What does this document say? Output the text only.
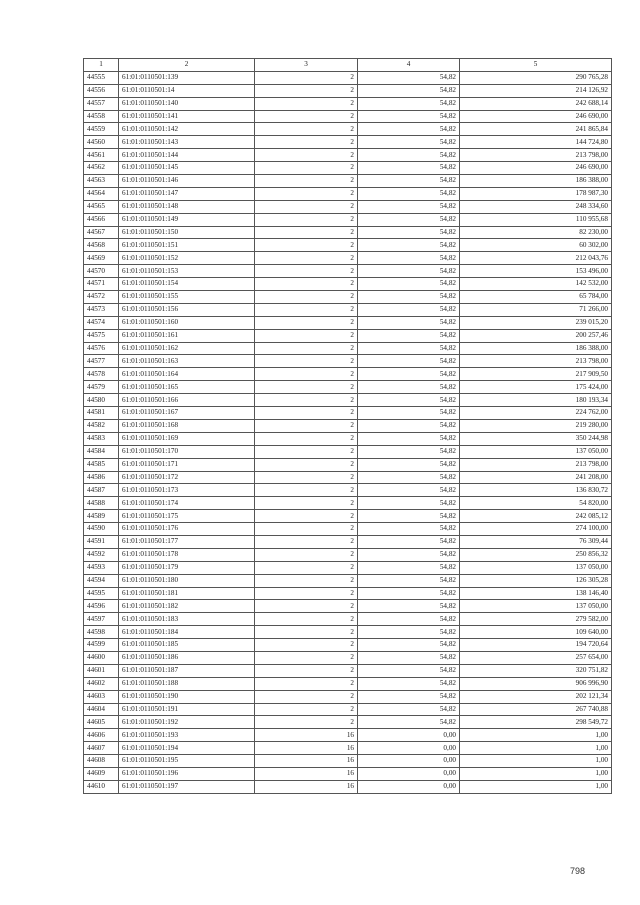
1	2	3	4	5
44555	61:01:0110501:139	2	54,82	290 765,28
44556	61:01:0110501:14	2	54,82	214 126,92
44557	61:01:0110501:140	2	54,82	242 688,14
44558	61:01:0110501:141	2	54,82	246 690,00
44559	61:01:0110501:142	2	54,82	241 865,84
44560	61:01:0110501:143	2	54,82	144 724,80
44561	61:01:0110501:144	2	54,82	213 798,00
44562	61:01:0110501:145	2	54,82	246 690,00
44563	61:01:0110501:146	2	54,82	186 388,00
44564	61:01:0110501:147	2	54,82	178 987,30
44565	61:01:0110501:148	2	54,82	248 334,60
44566	61:01:0110501:149	2	54,82	110 955,68
44567	61:01:0110501:150	2	54,82	82 230,00
44568	61:01:0110501:151	2	54,82	60 302,00
44569	61:01:0110501:152	2	54,82	212 043,76
44570	61:01:0110501:153	2	54,82	153 496,00
44571	61:01:0110501:154	2	54,82	142 532,00
44572	61:01:0110501:155	2	54,82	65 784,00
44573	61:01:0110501:156	2	54,82	71 266,00
44574	61:01:0110501:160	2	54,82	239 015,20
44575	61:01:0110501:161	2	54,82	200 257,46
44576	61:01:0110501:162	2	54,82	186 388,00
44577	61:01:0110501:163	2	54,82	213 798,00
44578	61:01:0110501:164	2	54,82	217 909,50
44579	61:01:0110501:165	2	54,82	175 424,00
44580	61:01:0110501:166	2	54,82	180 193,34
44581	61:01:0110501:167	2	54,82	224 762,00
44582	61:01:0110501:168	2	54,82	219 280,00
44583	61:01:0110501:169	2	54,82	350 244,98
44584	61:01:0110501:170	2	54,82	137 050,00
44585	61:01:0110501:171	2	54,82	213 798,00
44586	61:01:0110501:172	2	54,82	241 208,00
44587	61:01:0110501:173	2	54,82	136 830,72
44588	61:01:0110501:174	2	54,82	54 820,00
44589	61:01:0110501:175	2	54,82	242 085,12
44590	61:01:0110501:176	2	54,82	274 100,00
44591	61:01:0110501:177	2	54,82	76 309,44
44592	61:01:0110501:178	2	54,82	250 856,32
44593	61:01:0110501:179	2	54,82	137 050,00
44594	61:01:0110501:180	2	54,82	126 305,28
44595	61:01:0110501:181	2	54,82	138 146,40
44596	61:01:0110501:182	2	54,82	137 050,00
44597	61:01:0110501:183	2	54,82	279 582,00
44598	61:01:0110501:184	2	54,82	109 640,00
44599	61:01:0110501:185	2	54,82	194 720,64
44600	61:01:0110501:186	2	54,82	257 654,00
44601	61:01:0110501:187	2	54,82	320 751,82
44602	61:01:0110501:188	2	54,82	906 996,90
44603	61:01:0110501:190	2	54,82	202 121,34
44604	61:01:0110501:191	2	54,82	267 740,88
44605	61:01:0110501:192	2	54,82	298 549,72
44606	61:01:0110501:193	16	0,00	1,00
44607	61:01:0110501:194	16	0,00	1,00
44608	61:01:0110501:195	16	0,00	1,00
44609	61:01:0110501:196	16	0,00	1,00
44610	61:01:0110501:197	16	0,00	1,00
798
